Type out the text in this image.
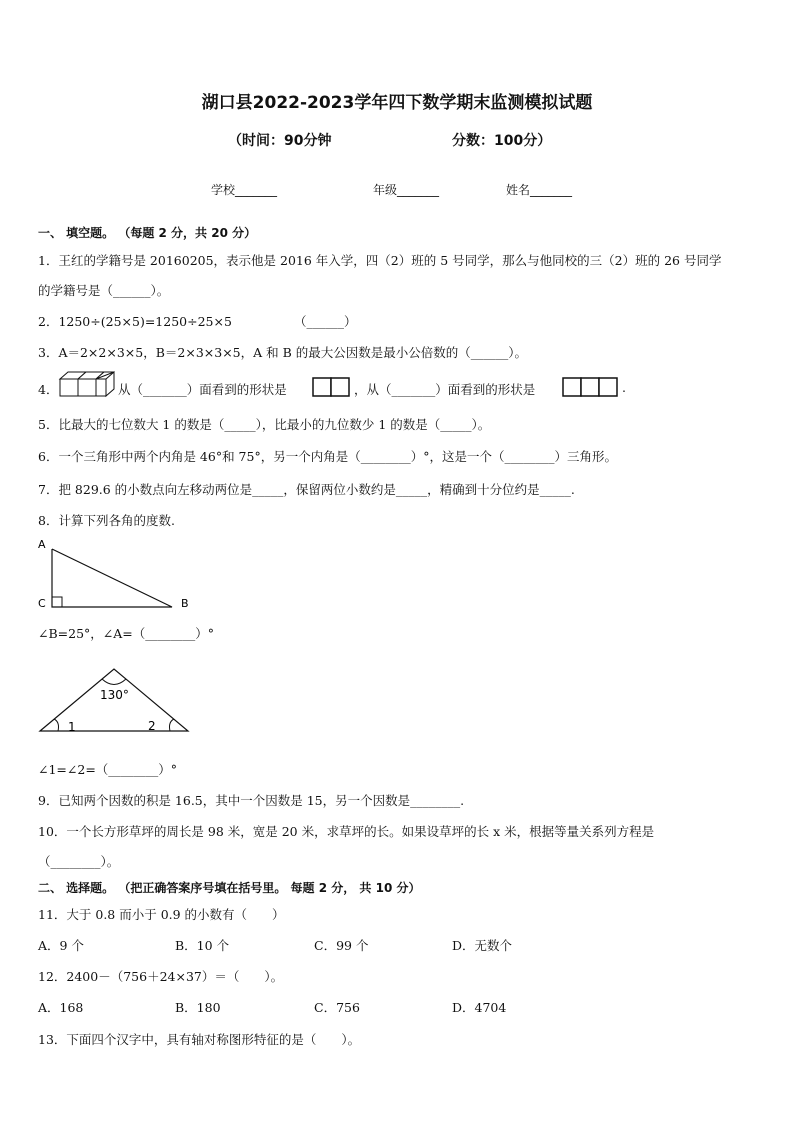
湖口县2022-2023学年四下数学期末监测模拟试题
（时间：90分钟	分数：100分）
学校_______	年级_______	姓名_______
一、 填空题。 （每题 2 分，共 20 分）
1．王红的学籍号是 20160205，表示他是 2016 年入学，四（2）班的 5 号同学，那么与他同校的三（2）班的 26 号同学
的学籍号是（______）。
2．1250÷(25×5)=1250÷25×5	（______）
3．A＝2×2×3×5，B＝2×3×3×5，A 和 B 的最大公因数是最小公倍数的（______）。
4．	从（_______）面看到的形状是	，从（_______）面看到的形状是	.
5．比最大的七位数大 1 的数是（_____），比最小的九位数少 1 的数是（_____）。
6．一个三角形中两个内角是 46°和 75°，另一个内角是（________）°，这是一个（________）三角形。
7．把 829.6 的小数点向左移动两位是_____，保留两位小数约是_____，精确到十分位约是_____.
8．计算下列各角的度数.
A
C	B
∠B=25°，∠A=（________）°
130°
1	2
∠1=∠2=（________）°
9．已知两个因数的积是 16.5，其中一个因数是 15，另一个因数是________.
10．一个长方形草坪的周长是 98 米，宽是 20 米，求草坪的长。如果设草坪的长 x 米，根据等量关系列方程是
（________）。
二、 选择题。 （把正确答案序号填在括号里。 每题 2 分， 共 10 分）
11．大于 0.8 而小于 0.9 的小数有（　　）
A．9 个	B．10 个	C．99 个	D．无数个
12．2400－（756＋24×37）＝（　　）。
A．168	B．180	C．756	D．4704
13．下面四个汉字中，具有轴对称图形特征的是（　　）。
